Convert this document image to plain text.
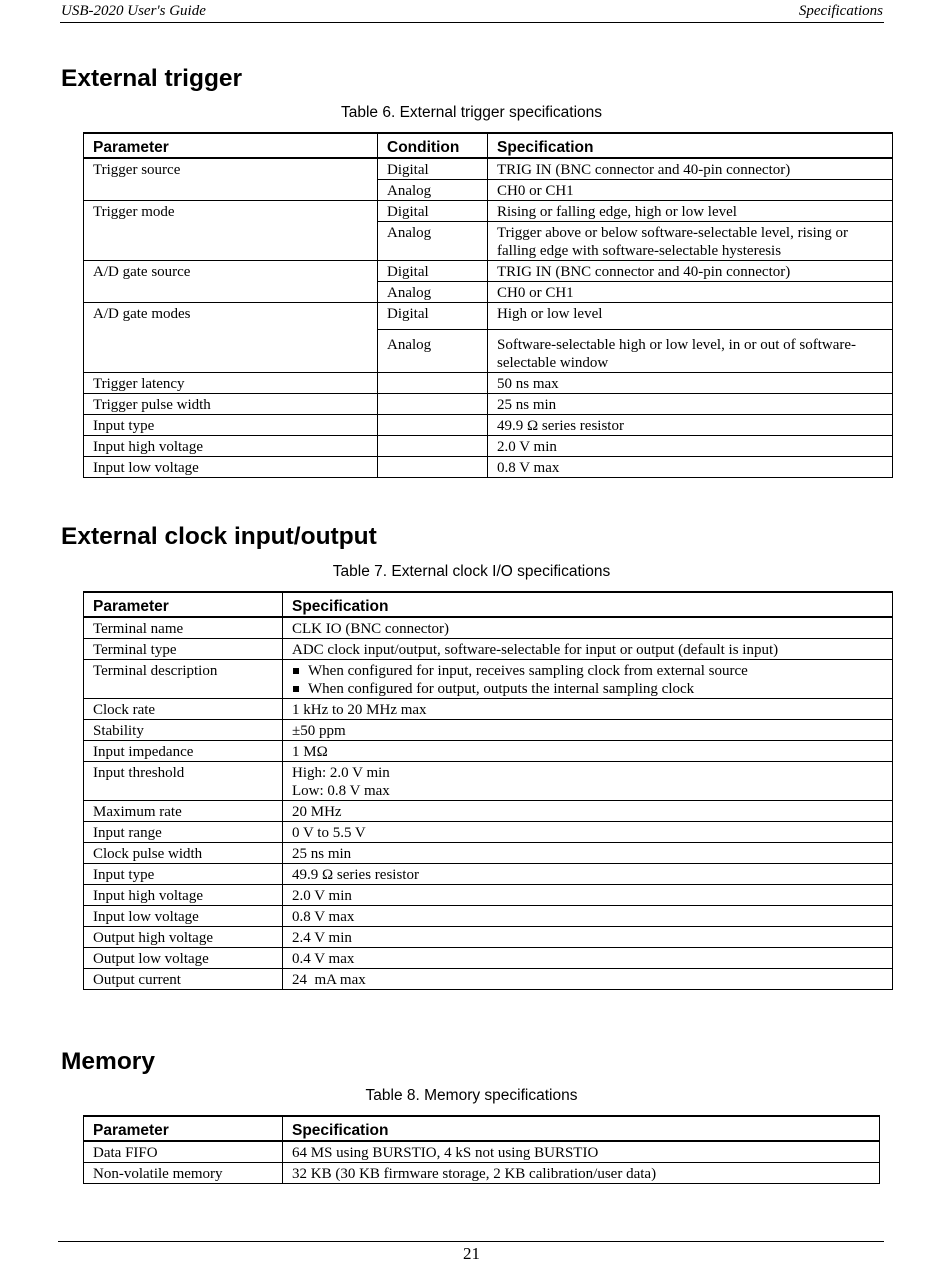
USB-2020 User's Guide	Specifications
External trigger

Table 6. External trigger specifications

Parameter	Condition	Specification
Trigger source	Digital	TRIG IN (BNC connector and 40-pin connector)
	Analog	CH0 or CH1
Trigger mode	Digital	Rising or falling edge, high or low level
	Analog	Trigger above or below software-selectable level, rising or falling edge with software-selectable hysteresis
A/D gate source	Digital	TRIG IN (BNC connector and 40-pin connector)
	Analog	CH0 or CH1
A/D gate modes	Digital	High or low level
	Analog	Software-selectable high or low level, in or out of software-selectable window
Trigger latency		50 ns max
Trigger pulse width		25 ns min
Input type		49.9 Ω series resistor
Input high voltage		2.0 V min
Input low voltage		0.8 V max
External clock input/output

Table 7. External clock I/O specifications

Parameter	Specification
Terminal name	CLK IO (BNC connector)
Terminal type	ADC clock input/output, software-selectable for input or output (default is input)
Terminal description	When configured for input, receives sampling clock from external source
When configured for output, outputs the internal sampling clock

Clock rate	1 kHz to 20 MHz max
Stability	±50 ppm
Input impedance	1 MΩ
Input threshold	High: 2.0 V min
Low: 0.8 V max

Maximum rate	20 MHz
Input range	0 V to 5.5 V
Clock pulse width	25 ns min
Input type	49.9 Ω series resistor
Input high voltage	2.0 V min
Input low voltage	0.8 V max
Output high voltage	2.4 V min
Output low voltage	0.4 V max
Output current	24  mA max
Memory

Table 8. Memory specifications

Parameter	Specification
Data FIFO	64 MS using BURSTIO, 4 kS not using BURSTIO
Non-volatile memory	32 KB (30 KB firmware storage, 2 KB calibration/user data)
21
